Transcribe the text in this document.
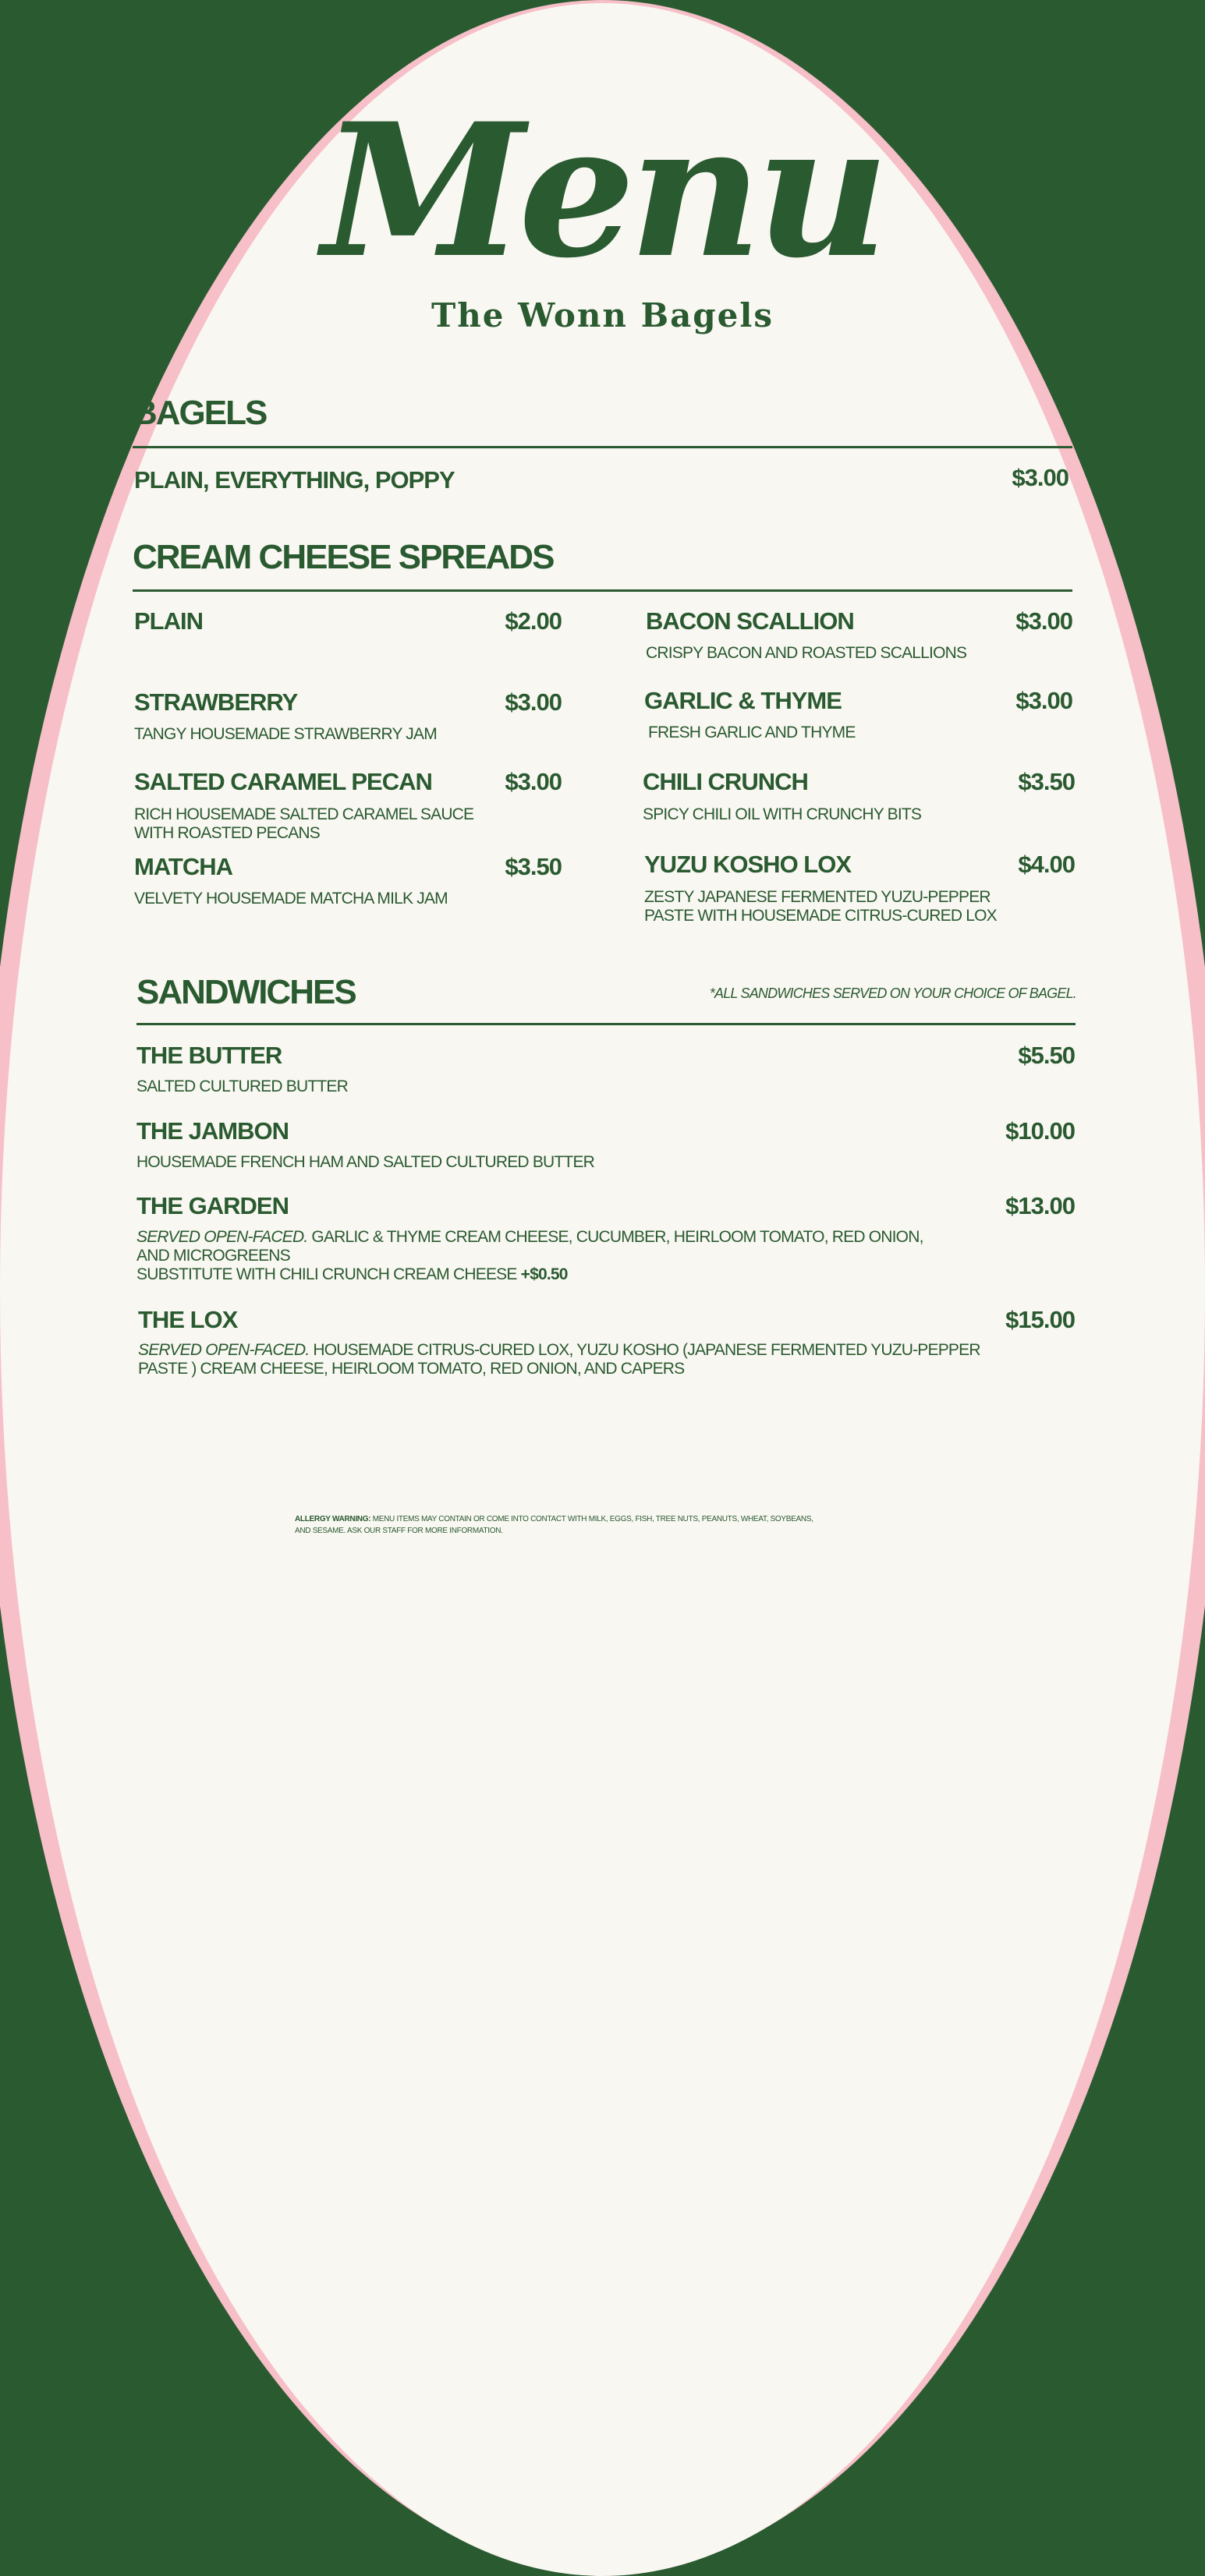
Menu
The Wonn Bagels
BAGELS
PLAIN, EVERYTHING, POPPY	$3.00
CREAM CHEESE SPREADS
PLAIN	$2.00
STRAWBERRY	$3.00
TANGY HOUSEMADE STRAWBERRY JAM
SALTED CARAMEL PECAN	$3.00
RICH HOUSEMADE SALTED CARAMEL SAUCE
WITH ROASTED PECANS
MATCHA	$3.50
VELVETY HOUSEMADE MATCHA MILK JAM
BACON SCALLION	$3.00
CRISPY BACON AND ROASTED SCALLIONS
GARLIC & THYME	$3.00
FRESH GARLIC AND THYME
CHILI CRUNCH	$3.50
SPICY CHILI OIL WITH CRUNCHY BITS
YUZU KOSHO LOX	$4.00
ZESTY JAPANESE FERMENTED YUZU-PEPPER
PASTE WITH HOUSEMADE CITRUS-CURED LOX
SANDWICHES	*ALL SANDWICHES SERVED ON YOUR CHOICE OF BAGEL.
THE BUTTER	$5.50
SALTED CULTURED BUTTER
THE JAMBON	$10.00
HOUSEMADE FRENCH HAM AND SALTED CULTURED BUTTER
THE GARDEN	$13.00
SERVED OPEN-FACED. GARLIC & THYME CREAM CHEESE, CUCUMBER, HEIRLOOM TOMATO, RED ONION,
AND MICROGREENS
SUBSTITUTE WITH CHILI CRUNCH CREAM CHEESE +$0.50
THE LOX	$15.00
SERVED OPEN-FACED. HOUSEMADE CITRUS-CURED LOX, YUZU KOSHO (JAPANESE FERMENTED YUZU-PEPPER
PASTE ) CREAM CHEESE, HEIRLOOM TOMATO, RED ONION, AND CAPERS
ALLERGY WARNING: MENU ITEMS MAY CONTAIN OR COME INTO CONTACT WITH MILK, EGGS, FISH, TREE NUTS, PEANUTS, WHEAT, SOYBEANS,
AND SESAME. ASK OUR STAFF FOR MORE INFORMATION.
